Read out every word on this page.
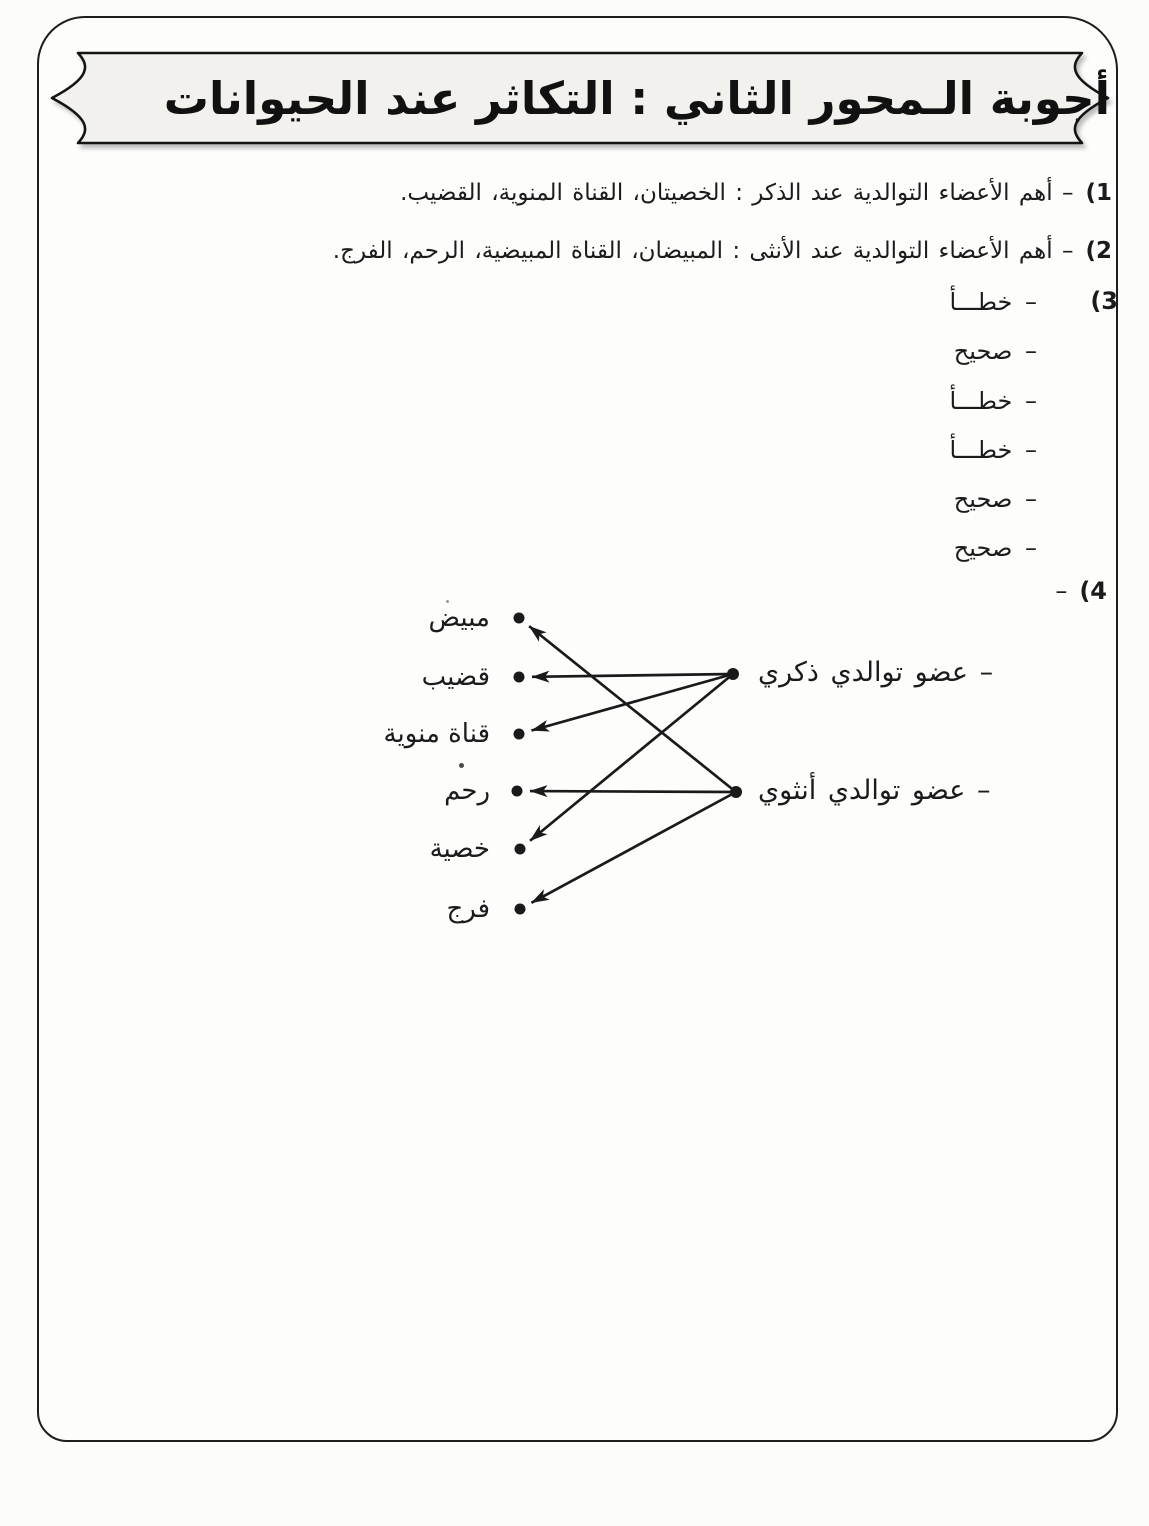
أجوبة الـمحور الثاني : التكاثر عند الحيوانات
1)– أهم الأعضاء التوالدية عند الذكر : الخصيتان، القناة المنوية، القضيب.
2)– أهم الأعضاء التوالدية عند الأنثى : المبيضان، القناة المبيضية، الرحم، الفرج.
3)
– خطـــأ
– صحيح
– خطـــأ
– خطـــأ
– صحيح
– صحيح
4)–
مبيض
قضيب
قناة منوية
رحم
خصية
فرج
– عضو توالدي ذكري
– عضو توالدي أنثوي
